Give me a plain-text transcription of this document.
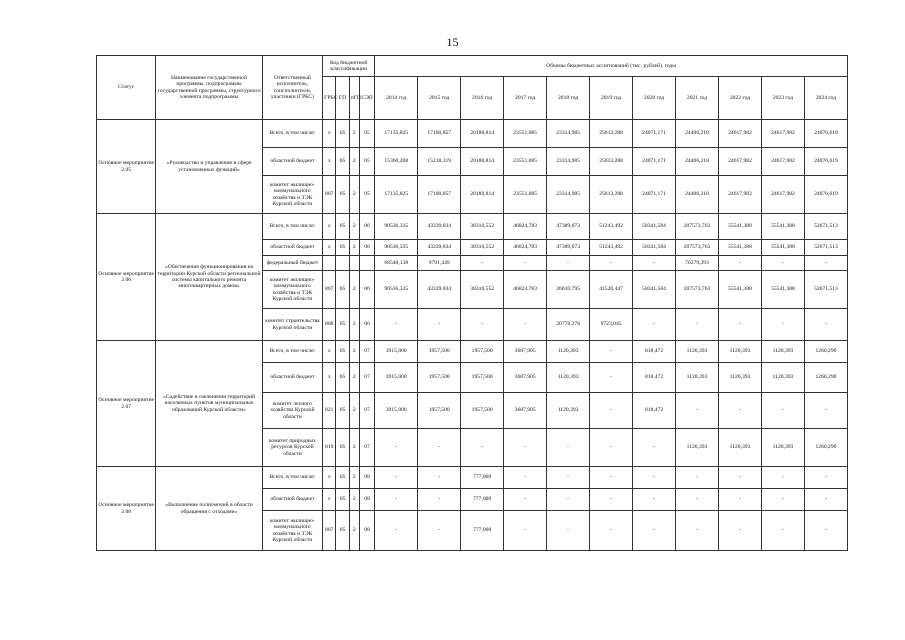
15
Статус	Наименование государственной программы, подпрограммы государственной программы, структурного элемента подпрограммы	Ответственный исполнитель, соисполнители, участники (ГРБС)	Код бюджетной классификации				Объемы бюджетных ассигнований (тыс. рублей), годы										
			ГРБС	ГП	пГП	СЭП	2014 год	2015 год	2016 год	2017 год	2018 год	2019 год	2020 год	2021 год	2022 год	2023 год	2024 год
Основное мероприятие 2.05	«Руководство и управление в сфере установленных функций»	Всего, в том числе:	х	05	2	05	17135,825	17180,857	20180,814	23551,085	23314,985	25613,288	24071,171	24406,218	24617,982	24617,982	24076,619
		областной бюджет	х	05	2	05	15360,208	15218,319	20180,814	23551,085	23314,985	25613,288	24071,171	24406,218	24617,982	24617,982	24076,619
		комитет жилищно-коммунального хозяйства и ТЭК Курской области	807	05	2	05	17135,825	17180,857	20180,814	23551,085	23314,985	25613,288	24071,171	24406,218	24617,982	24617,982	24076,619
Основное мероприятие 2.06	«Обеспечение функционирования на территории Курской области региональной системы капитального ремонта многоквартирных домов»	Всего, в том числе:	х	05	2	06	90536,335	43339,034	38310,552	46824,783	47389,073	51243,492	58341,584	207573,763	55541,388	55541,388	52671,513
		областной бюджет	х	05	2	06	90536,335	43339,034	38310,552	46824,783	47389,073	51243,492	58341,584	207573,763	55541,388	55541,388	52671,513
		федеральный бюджет					68540,138	9791,449	-	-	-	-	-	76279,393	-	-	-
		комитет жилищно-коммунального хозяйства и ТЭК Курской области	807	05	2	06	90536,335	43339,034	38310,552	46824,783	26610,795	41520,447	58341,584	207573,763	55541,388	55541,388	52671,513
		комитет строительства Курской области	808	05	2	06	-	-	-	-	20778,278	9723,045	-	-	-	-	-
Основное мероприятие 2.07	«Содействие в озеленении территорий населенных пунктов муниципальных образований Курской области»	Всего, в том числе:	х	05	2	07	3915,000	1957,500	1957,500	3687,905	1120,393	-	818,472	1120,393	1120,393	1120,393	1260,290
		областной бюджет	х	05	2	07	3915,000	1957,500	1957,500	3687,905	1120,393	-	818,472	1120,393	1120,393	1120,393	1260,290
		комитет лесного хозяйства Курской области	821	05	2	07	3915,000	1957,500	1957,500	3687,905	1120,393	-	818,472	-	-	-	-
		комитет природных ресурсов Курской области	819	05	2	07	-	-	-	-	-	-	-	1120,393	1120,393	1120,393	1260,290
Основное мероприятие 2.08	«Выполнение полномочий в области обращения с отходами»	Всего, в том числе:	х	05	2	08	-	-	777,000	-	-	-	-	-	-	-	-
		областной бюджет	х	05	2	08	-	-	777,000	-	-	-	-	-	-	-	-
		комитет жилищно-коммунального хозяйства и ТЭК Курской области	807	05	2	08	-	-	777,000	-	-	-	-	-	-	-	-
